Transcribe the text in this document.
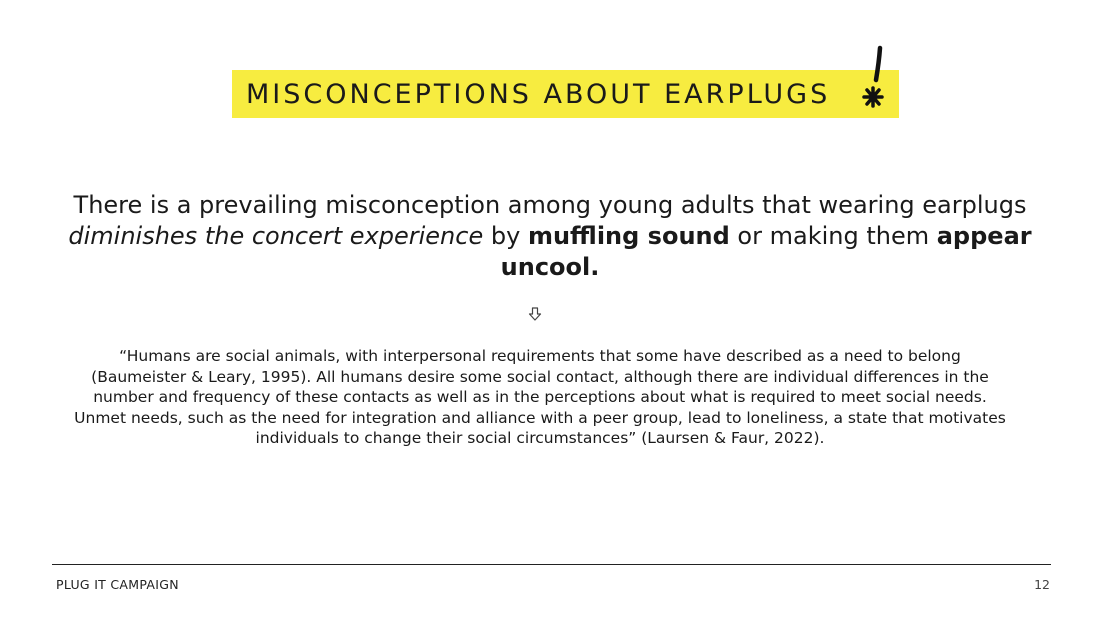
MISCONCEPTIONS ABOUT EARPLUGS

There is a prevailing misconception among young adults that wearing earplugs diminishes the concert experience by muffling sound or making them appear uncool.

“Humans are social animals, with interpersonal requirements that some have described as a need to belong (Baumeister & Leary, 1995). All humans desire some social contact, although there are individual differences in the number and frequency of these contacts as well as in the perceptions about what is required to meet social needs. Unmet needs, such as the need for integration and alliance with a peer group, lead to loneliness, a state that motivates individuals to change their social circumstances” (Laursen & Faur, 2022).

PLUG IT CAMPAIGN	12
